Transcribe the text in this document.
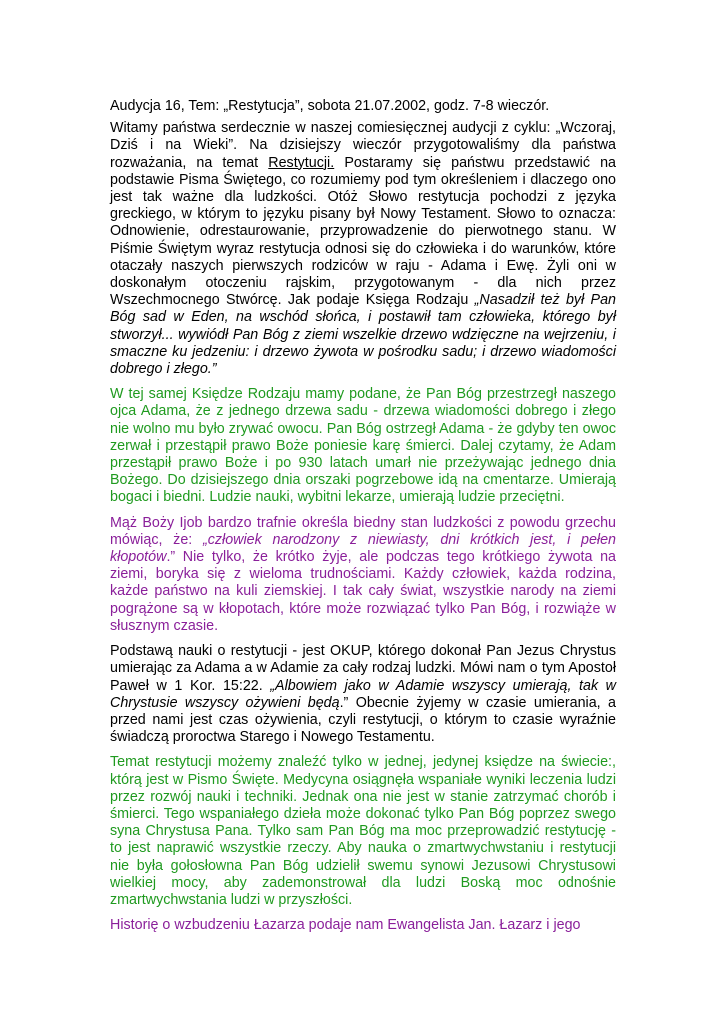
Audycja 16, Tem: „Restytucja”, sobota 21.07.2002, godz. 7-8 wieczór.

Witamy państwa serdecznie w naszej comiesięcznej audycji z cyklu: „Wczoraj, Dziś i na Wieki”. Na dzisiejszy wieczór przygotowaliśmy dla państwa rozważania, na temat Restytucji. Postaramy się państwu przedstawić na podstawie Pisma Świętego, co rozumiemy pod tym określeniem i dlaczego ono jest tak ważne dla ludzkości. Otóż Słowo restytucja pochodzi z języka greckiego, w którym to języku pisany był Nowy Testament. Słowo to oznacza: Odnowienie, odrestaurowanie, przyprowadzenie do pierwotnego stanu. W Piśmie Świętym wyraz restytucja odnosi się do człowieka i do warunków, które otaczały naszych pierwszych rodziców w raju - Adama i Ewę. Żyli oni w doskonałym otoczeniu rajskim, przygotowanym - dla nich przez Wszechmocnego Stwórcę. Jak podaje Księga Rodzaju „Nasadził też był Pan Bóg sad w Eden, na wschód słońca, i postawił tam człowieka, którego był stworzył... wywiódł Pan Bóg z ziemi wszelkie drzewo wdzięczne na wejrzeniu, i smaczne ku jedzeniu: i drzewo żywota w pośrodku sadu; i drzewo wiadomości dobrego i złego.”

W tej samej Księdze Rodzaju mamy podane, że Pan Bóg przestrzegł naszego ojca Adama, że z jednego drzewa sadu - drzewa wiadomości dobrego i złego nie wolno mu było zrywać owocu. Pan Bóg ostrzegł Adama - że gdyby ten owoc zerwał i przestąpił prawo Boże poniesie karę śmierci. Dalej czytamy, że Adam przestąpił prawo Boże i po 930 latach umarł nie przeżywając jednego dnia Bożego. Do dzisiejszego dnia orszaki pogrzebowe idą na cmentarze. Umierają bogaci i biedni. Ludzie nauki, wybitni lekarze, umierają ludzie przeciętni.

Mąż Boży Ijob bardzo trafnie określa biedny stan ludzkości z powodu grzechu mówiąc, że: „człowiek narodzony z niewiasty, dni krótkich jest, i pełen kłopotów.” Nie tylko, że krótko żyje, ale podczas tego krótkiego żywota na ziemi, boryka się z wieloma trudnościami. Każdy człowiek, każda rodzina, każde państwo na kuli ziemskiej. I tak cały świat, wszystkie narody na ziemi pogrążone są w kłopotach, które może rozwiązać tylko Pan Bóg, i rozwiąże w słusznym czasie.

Podstawą nauki o restytucji - jest OKUP, którego dokonał Pan Jezus Chrystus umierając za Adama a w Adamie za cały rodzaj ludzki. Mówi nam o tym Apostoł Paweł w 1 Kor. 15:22. „Albowiem jako w Adamie wszyscy umierają, tak w Chrystusie wszyscy ożywieni będą.” Obecnie żyjemy w czasie umierania, a przed nami jest czas ożywienia, czyli restytucji, o którym to czasie wyraźnie świadczą proroctwa Starego i Nowego Testamentu.

Temat restytucji możemy znaleźć tylko w jednej, jedynej księdze na świecie:, którą jest w Pismo Święte. Medycyna osiągnęła wspaniałe wyniki leczenia ludzi przez rozwój nauki i techniki. Jednak ona nie jest w stanie zatrzymać chorób i śmierci. Tego wspaniałego dzieła może dokonać tylko Pan Bóg poprzez swego syna Chrystusa Pana. Tylko sam Pan Bóg ma moc przeprowadzić restytucję - to jest naprawić wszystkie rzeczy. Aby nauka o zmartwychwstaniu i restytucji nie była gołosłowna Pan Bóg udzielił swemu synowi Jezusowi Chrystusowi wielkiej mocy, aby zademonstrował dla ludzi Boską moc odnośnie zmartwychwstania ludzi w przyszłości.

Historię o wzbudzeniu Łazarza podaje nam Ewangelista Jan. Łazarz i jego
